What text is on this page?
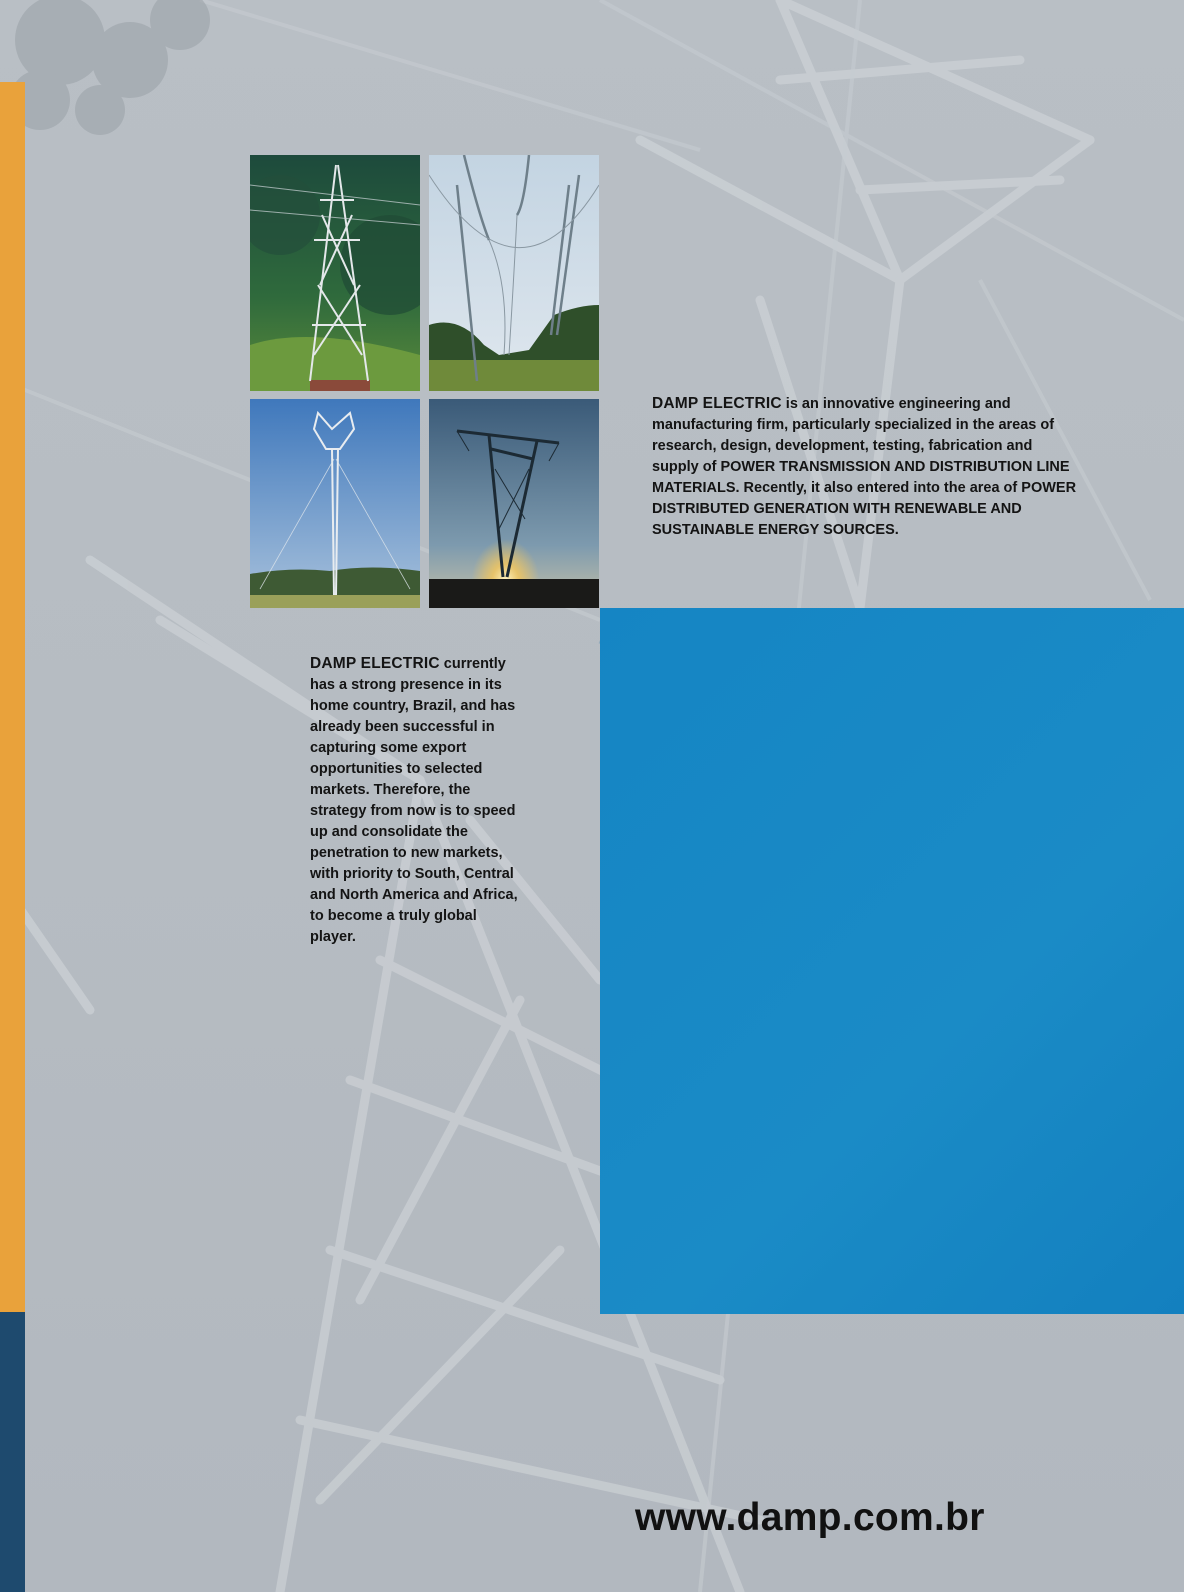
DAMP ELECTRIC is an innovative engineering and manufacturing firm, particularly specialized in the areas of research, design, development, testing, fabrication and supply of POWER TRANSMISSION AND DISTRIBUTION LINE MATERIALS. Recently, it also entered into the area of POWER DISTRIBUTED GENERATION WITH RENEWABLE AND SUSTAINABLE ENERGY SOURCES.

DAMP ELECTRIC currently has a strong presence in its home country, Brazil, and has already been successful in capturing some export opportunities to selected markets. Therefore, the strategy from now is to speed up and consolidate the penetration to new markets, with priority to South, Central and North America and Africa, to become a truly global player.

www.damp.com.br
